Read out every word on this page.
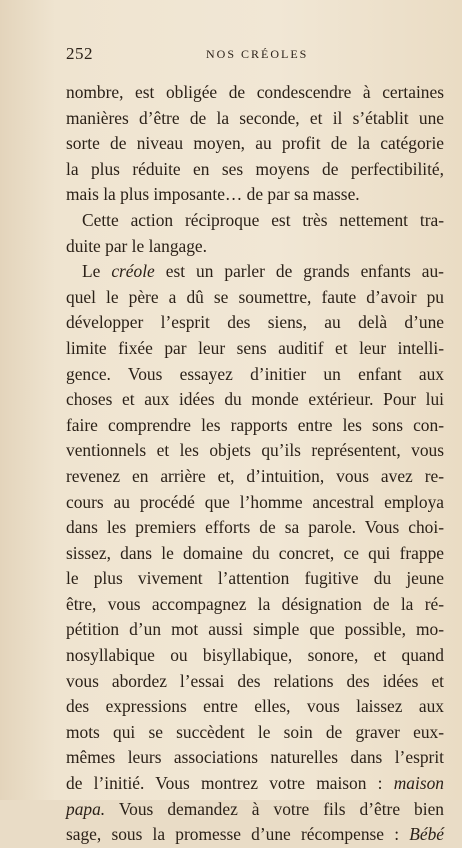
252	NOS CRÉOLES
nombre, est obligée de condescendre à certaines
manières d’être de la seconde, et il s’établit une
sorte de niveau moyen, au profit de la catégorie
la plus réduite en ses moyens de perfectibilité,
mais la plus imposante… de par sa masse.
Cette action réciproque est très nettement tra-
duite par le langage.
Le créole est un parler de grands enfants au-
quel le père a dû se soumettre, faute d’avoir pu
développer l’esprit des siens, au delà d’une
limite fixée par leur sens auditif et leur intelli-
gence. Vous essayez d’initier un enfant aux
choses et aux idées du monde extérieur. Pour lui
faire comprendre les rapports entre les sons con-
ventionnels et les objets qu’ils représentent, vous
revenez en arrière et, d’intuition, vous avez re-
cours au procédé que l’homme ancestral employa
dans les premiers efforts de sa parole. Vous choi-
sissez, dans le domaine du concret, ce qui frappe
le plus vivement l’attention fugitive du jeune
être, vous accompagnez la désignation de la ré-
pétition d’un mot aussi simple que possible, mo-
nosyllabique ou bisyllabique, sonore, et quand
vous abordez l’essai des relations des idées et
des expressions entre elles, vous laissez aux
mots qui se succèdent le soin de graver eux-
mêmes leurs associations naturelles dans l’esprit
de l’initié. Vous montrez votre maison : maison
papa. Vous demandez à votre fils d’être bien
sage, sous la promesse d’une récompense : Bébé
